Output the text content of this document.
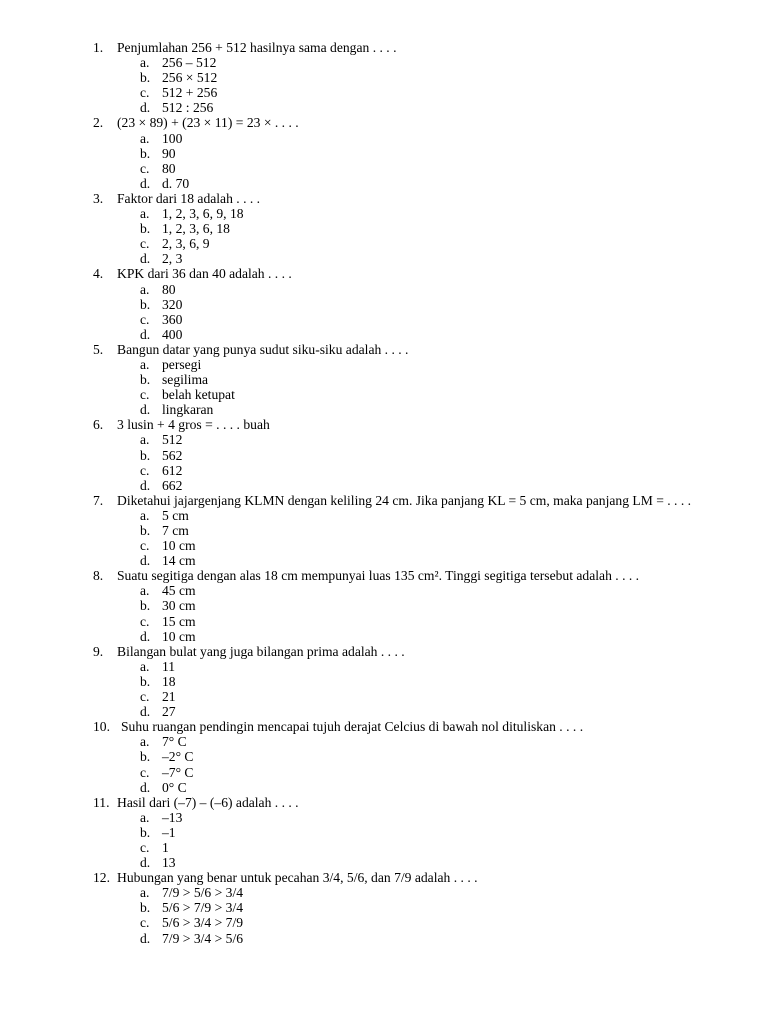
1. Penjumlahan 256 + 512 hasilnya sama dengan . . . .
a. 256 – 512
b. 256 × 512
c. 512 + 256
d. 512 : 256
2. (23 × 89) + (23 × 11) = 23 × . . . .
a. 100
b. 90
c. 80
d. d. 70
3. Faktor dari 18 adalah . . . .
a. 1, 2, 3, 6, 9, 18
b. 1, 2, 3, 6, 18
c. 2, 3, 6, 9
d. 2, 3
4. KPK dari 36 dan 40 adalah . . . .
a. 80
b. 320
c. 360
d. 400
5. Bangun datar yang punya sudut siku-siku adalah . . . .
a. persegi
b. segilima
c. belah ketupat
d. lingkaran
6. 3 lusin + 4 gros = . . . . buah
a. 512
b. 562
c. 612
d. 662
7. Diketahui jajargenjang KLMN dengan keliling 24 cm. Jika panjang KL = 5 cm, maka panjang LM = . . . .
a. 5 cm
b. 7 cm
c. 10 cm
d. 14 cm
8. Suatu segitiga dengan alas 18 cm mempunyai luas 135 cm². Tinggi segitiga tersebut adalah . . . .
a. 45 cm
b. 30 cm
c. 15 cm
d. 10 cm
9. Bilangan bulat yang juga bilangan prima adalah . . . .
a. 11
b. 18
c. 21
d. 27
10. Suhu ruangan pendingin mencapai tujuh derajat Celcius di bawah nol dituliskan . . . .
a. 7° C
b. –2° C
c. –7° C
d. 0° C
11. Hasil dari (–7) – (–6) adalah . . . .
a. –13
b. –1
c. 1
d. 13
12. Hubungan yang benar untuk pecahan 3/4, 5/6, dan 7/9 adalah . . . .
a. 7/9 > 5/6 > 3/4
b. 5/6 > 7/9 > 3/4
c. 5/6 > 3/4 > 7/9
d. 7/9 > 3/4 > 5/6
